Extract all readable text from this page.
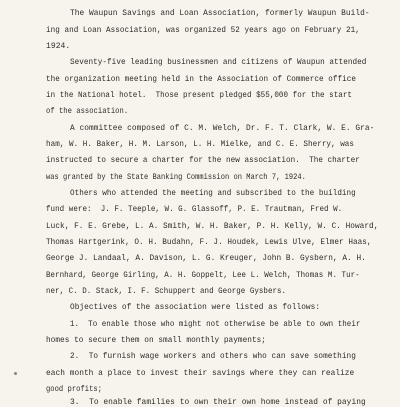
The Waupun Savings and Loan Association, formerly Waupun Build-
ing and Loan Association, was organized 52 years ago on February 21,
1924.
Seventy-five leading businessmen and citizens of Waupun attended
the organization meeting held in the Association of Commerce office
in the National hotel.  Those present pledged $55,000 for the start
of the association.
A committee composed of C. M. Welch, Dr. F. T. Clark, W. E. Gra-
ham, W. H. Baker, H. M. Larson, L. H. Mielke, and C. E. Sherry, was
instructed to secure a charter for the new association.  The charter
was granted by the State Banking Commission on March 7, 1924.
Others who attended the meeting and subscribed to the building
fund were:  J. F. Teeple, W. G. Glassoff, P. E. Trautman, Fred W.
Luck, F. E. Grebe, L. A. Smith, W. H. Baker, P. H. Kelly, W. C. Howard,
Thomas Hartgerink, O. H. Budahn, F. J. Houdek, Lewis Ulve, Elmer Haas,
George J. Landaal, A. Davison, L. G. Kreuger, John B. Gysbern, A. H.
Bernhard, George Girling, A. H. Goppelt, Lee L. Welch, Thomas M. Tur-
ner, C. D. Stack, I. F. Schuppert and George Gysbers.
Objectives of the association were listed as follows:
1.  To enable those who might not otherwise be able to own their
homes to secure them on small monthly payments;
2.  To furnish wage workers and others who can save something
each month a place to invest their savings where they can realize
good profits;
3.  To enable families to own their own home instead of paying
